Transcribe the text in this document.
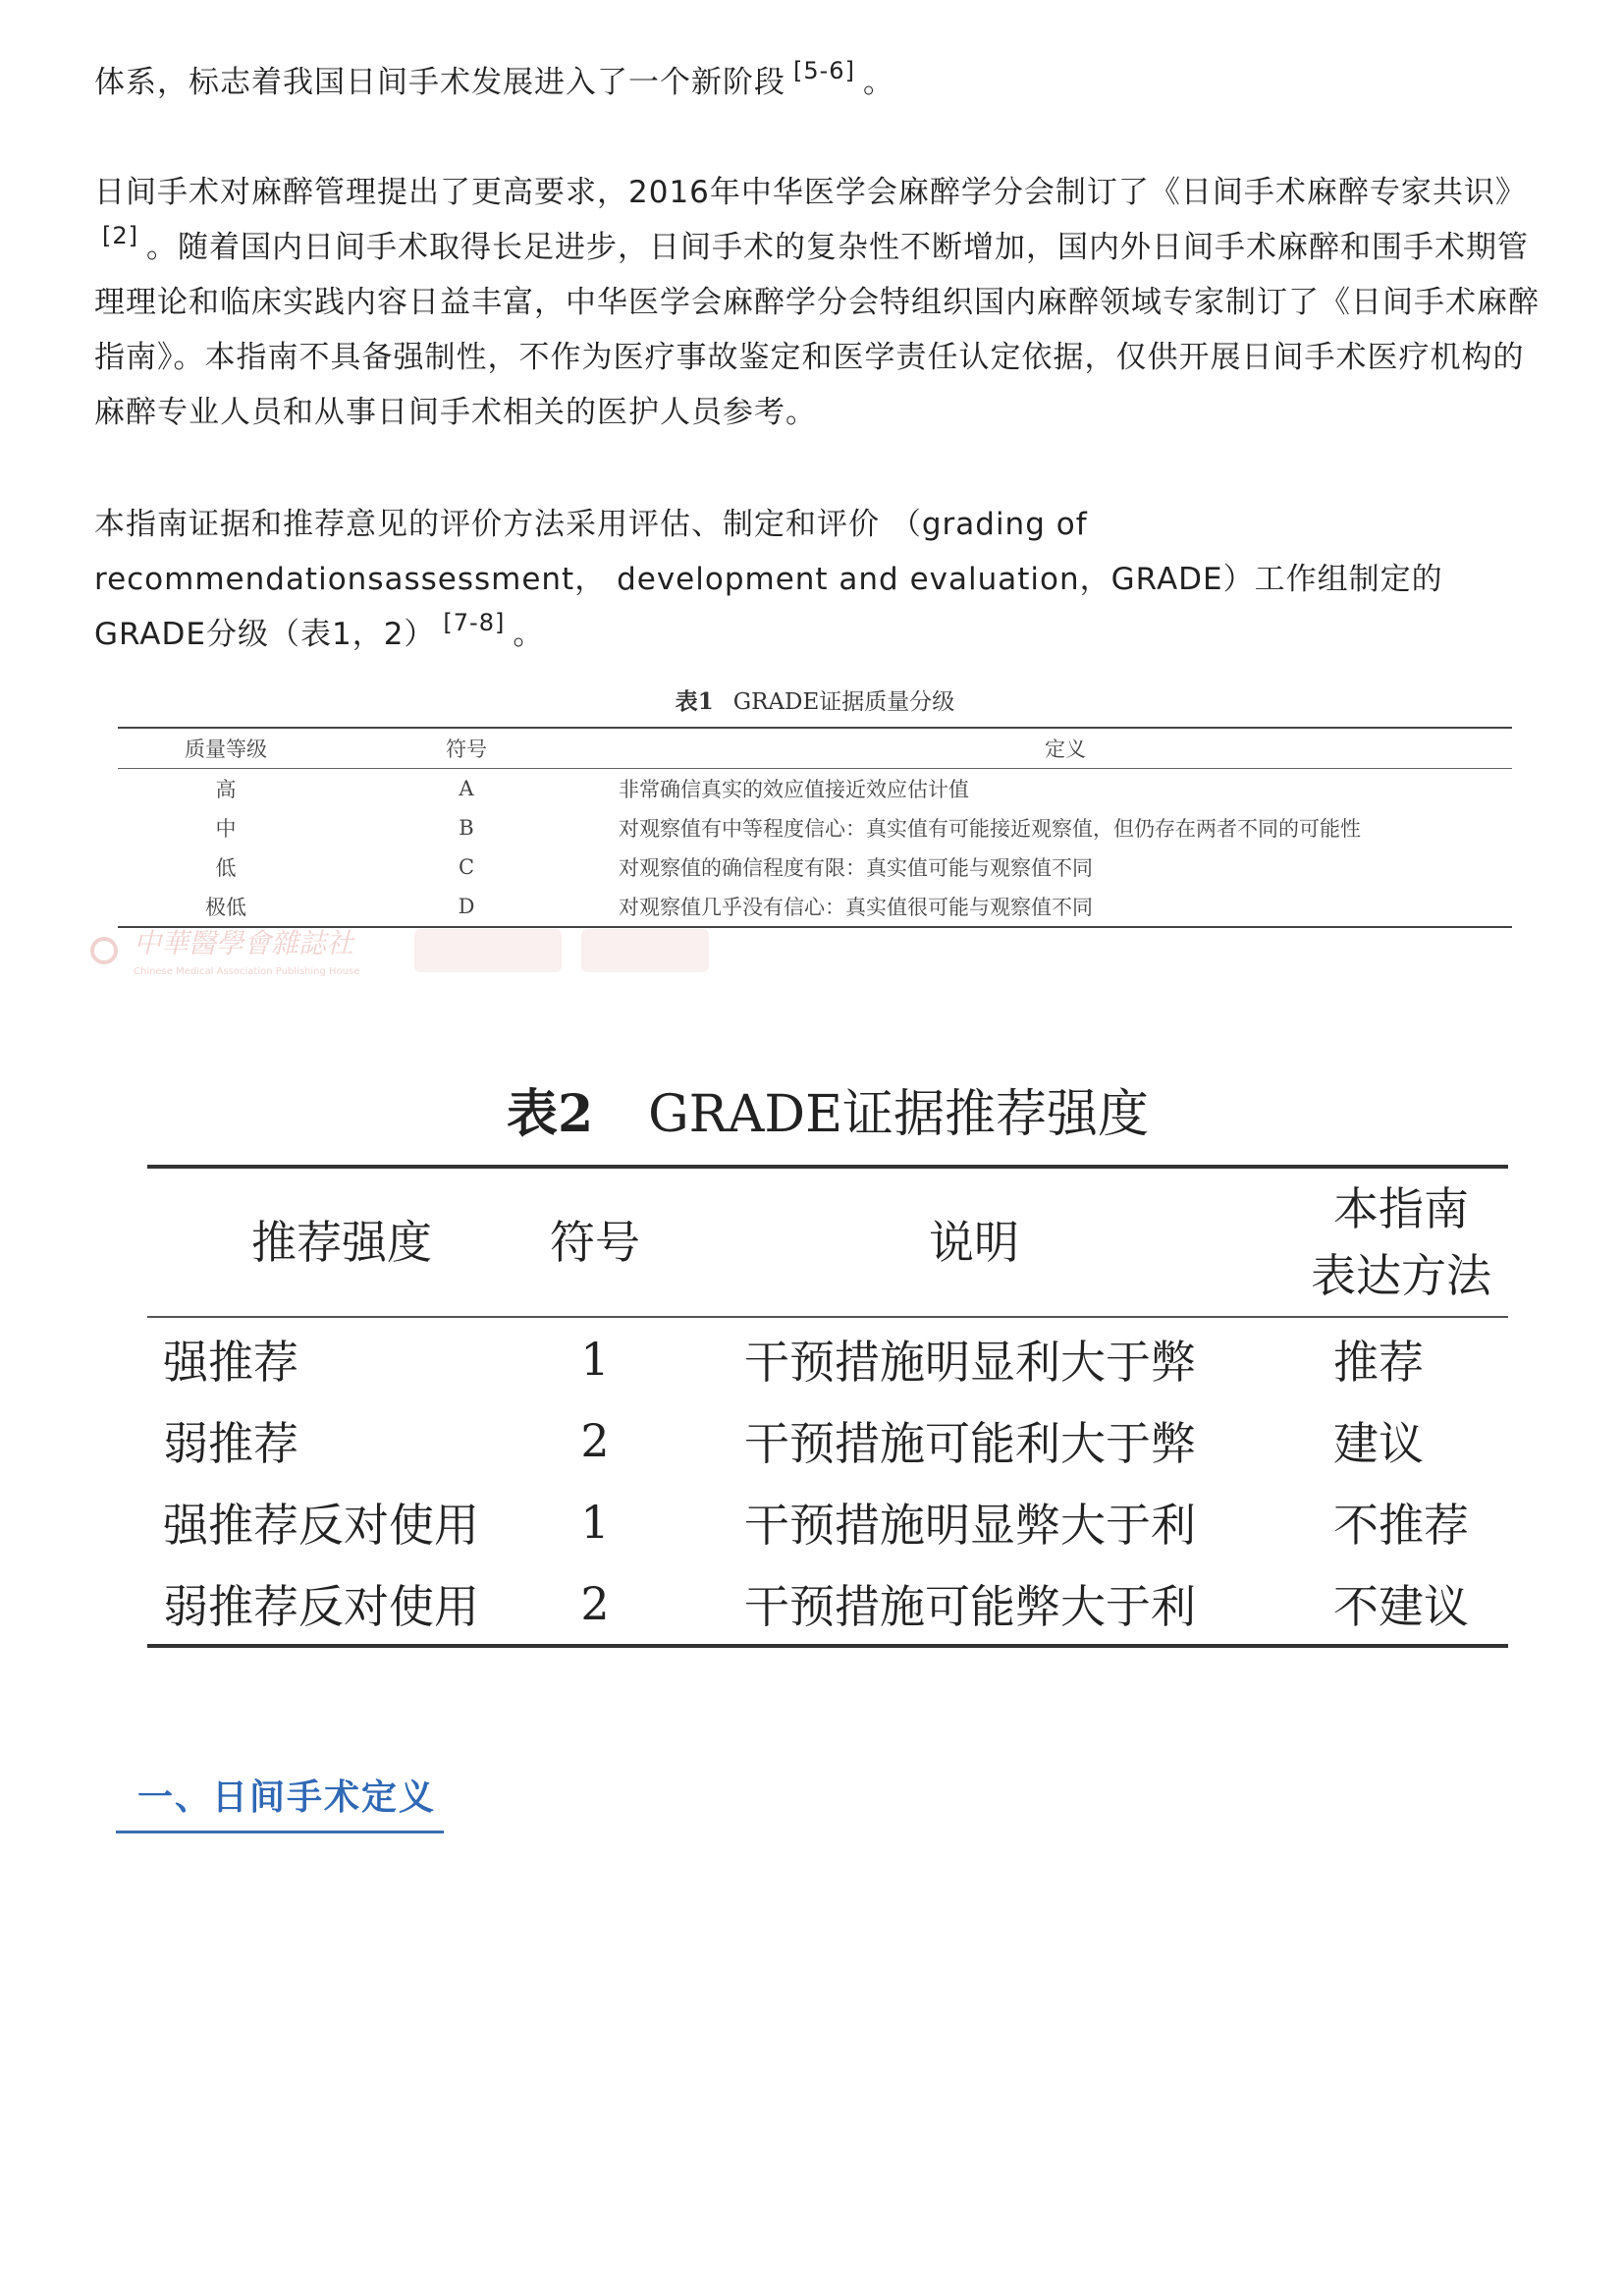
体系，标志着我国日间手术发展进入了一个新阶段 [5-6] 。

日间手术对麻醉管理提出了更高要求，2016年中华医学会麻醉学分会制订了《日间手术麻醉专家共识》[2] 。随着国内日间手术取得长足进步，日间手术的复杂性不断增加，国内外日间手术麻醉和围手术期管理理论和临床实践内容日益丰富，中华医学会麻醉学分会特组织国内麻醉领域专家制订了《日间手术麻醉指南》。本指南不具备强制性，不作为医疗事故鉴定和医学责任认定依据，仅供开展日间手术医疗机构的麻醉专业人员和从事日间手术相关的医护人员参考。

本指南证据和推荐意见的评价方法采用评估、制定和评价 （grading of recommendationsassessment， development and evaluation，GRADE）工作组制定的GRADE分级（表1，2） [7-8] 。

表1 GRADE证据质量分级
质量等级	符号	定义
高	A	非常确信真实的效应值接近效应估计值
中	B	对观察值有中等程度信心：真实值有可能接近观察值，但仍存在两者不同的可能性
低	C	对观察值的确信程度有限：真实值可能与观察值不同
极低	D	对观察值几乎没有信心：真实值很可能与观察值不同
中華醫學會雜誌社
Chinese Medical Association Publishing House
表2 GRADE证据推荐强度
推荐强度	符号	说明	本指南
表达方法
强推荐	1	干预措施明显利大于弊	推荐
弱推荐	2	干预措施可能利大于弊	建议
强推荐反对使用	1	干预措施明显弊大于利	不推荐
弱推荐反对使用	2	干预措施可能弊大于利	不建议
一、日间手术定义
